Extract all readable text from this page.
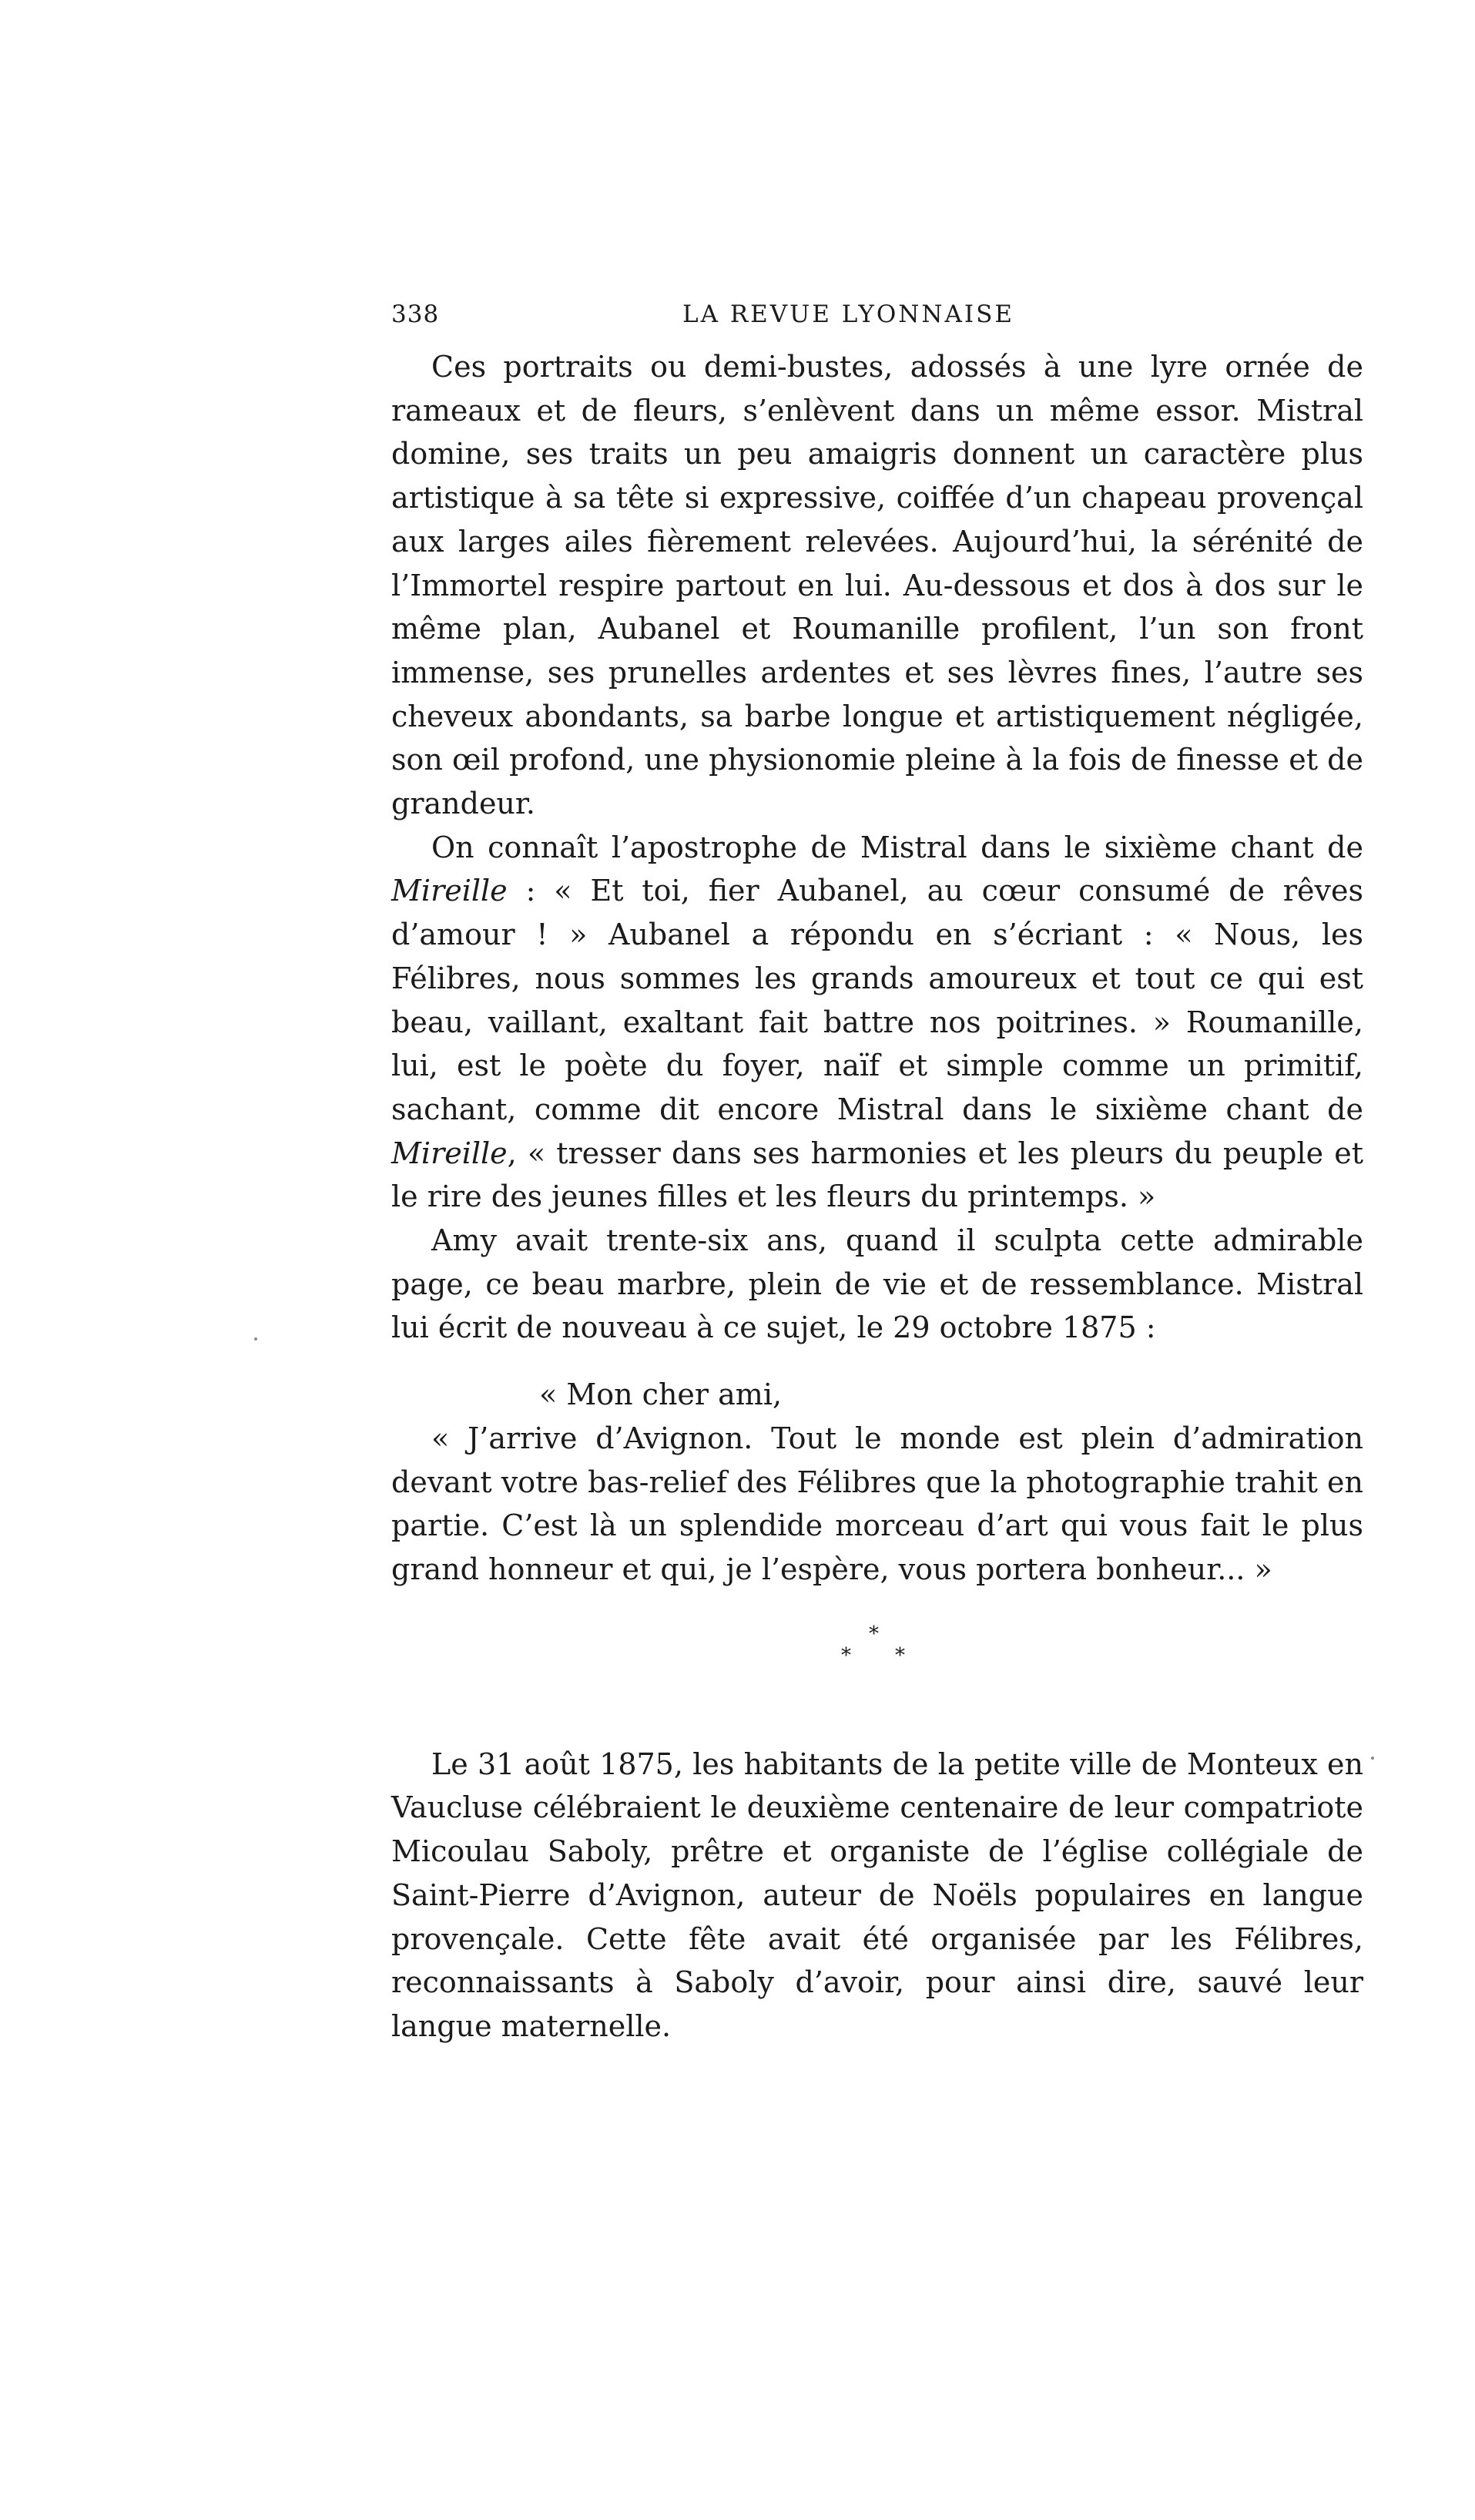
338	LA REVUE LYONNAISE

Ces portraits ou demi-bustes, adossés à une lyre ornée de rameaux et de fleurs, s’enlèvent dans un même essor. Mistral domine, ses traits un peu amaigris donnent un caractère plus artistique à sa tête si expressive, coiffée d’un chapeau provençal aux larges ailes fièrement relevées. Aujourd’hui, la sérénité de l’Immortel respire partout en lui. Au-dessous et dos à dos sur le même plan, Aubanel et Roumanille profilent, l’un son front immense, ses prunelles ardentes et ses lèvres fines, l’autre ses cheveux abondants, sa barbe longue et artistiquement négligée, son œil profond, une physionomie pleine à la fois de finesse et de grandeur.

On connaît l’apostrophe de Mistral dans le sixième chant de Mireille : « Et toi, fier Aubanel, au cœur consumé de rêves d’amour ! » Aubanel a répondu en s’écriant : « Nous, les Félibres, nous sommes les grands amoureux et tout ce qui est beau, vaillant, exaltant fait battre nos poitrines. » Roumanille, lui, est le poète du foyer, naïf et simple comme un primitif, sachant, comme dit encore Mistral dans le sixième chant de Mireille, « tresser dans ses harmonies et les pleurs du peuple et le rire des jeunes filles et les fleurs du printemps. »

Amy avait trente-six ans, quand il sculpta cette admirable page, ce beau marbre, plein de vie et de ressemblance. Mistral lui écrit de nouveau à ce sujet, le 29 octobre 1875 :

« Mon cher ami,

« J’arrive d’Avignon. Tout le monde est plein d’admiration devant votre bas-relief des Félibres que la photographie trahit en partie. C’est là un splendide morceau d’art qui vous fait le plus grand honneur et qui, je l’espère, vous portera bonheur... »

*
* *

Le 31 août 1875, les habitants de la petite ville de Monteux en Vaucluse célébraient le deuxième centenaire de leur compatriote Micoulau Saboly, prêtre et organiste de l’église collégiale de Saint-Pierre d’Avignon, auteur de Noëls populaires en langue provençale. Cette fête avait été organisée par les Félibres, reconnaissants à Saboly d’avoir, pour ainsi dire, sauvé leur langue maternelle.
